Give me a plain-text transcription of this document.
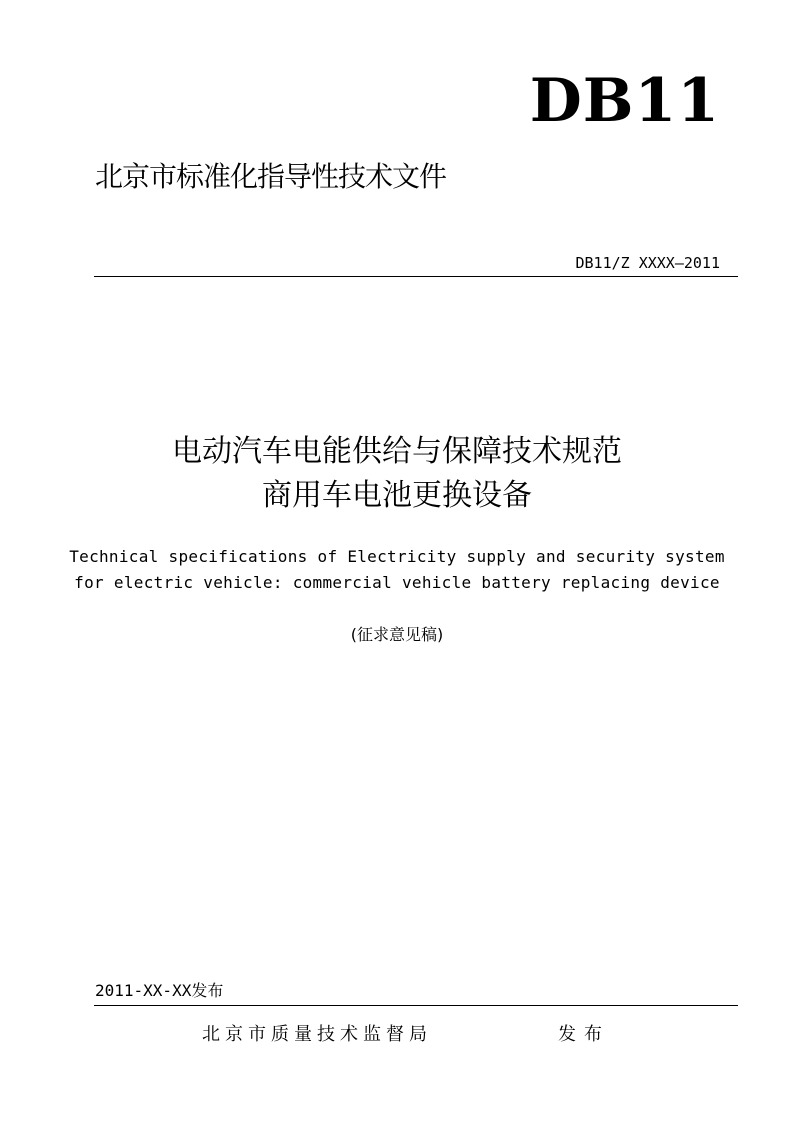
DB11
北京市标准化指导性技术文件
DB11/Z XXXX—2011
电动汽车电能供给与保障技术规范
商用车电池更换设备
Technical specifications of Electricity supply and security system
for electric vehicle: commercial vehicle battery replacing device
(征求意见稿)
2011-XX-XX发布
北京市质量技术监督局	发布
